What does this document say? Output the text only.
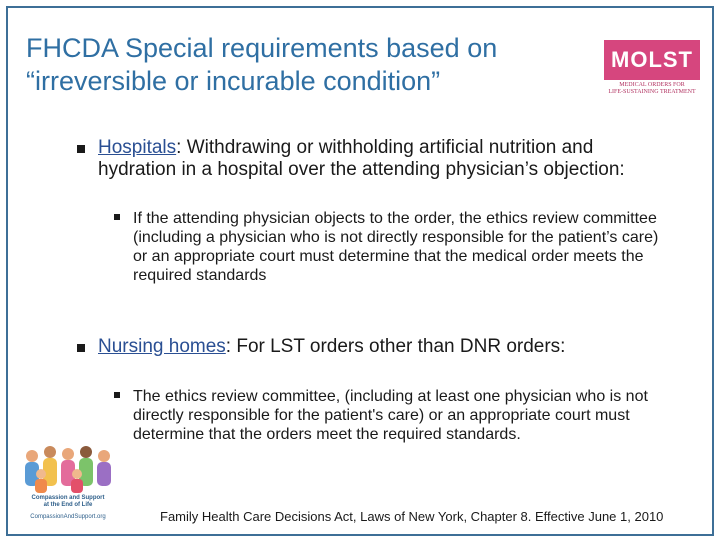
FHCDA Special requirements based on
“irreversible or incurable condition”
MOLST
MEDICAL ORDERS FOR
LIFE-SUSTAINING TREATMENT
Hospitals: Withdrawing or withholding artificial nutrition and hydration in a hospital over the attending physician’s objection:
If the attending physician objects to the order, the ethics review committee (including a physician who is not directly responsible for the patient’s care) or an appropriate court must determine that the medical order meets the required standards
Nursing homes: For LST orders other than DNR orders:
The ethics review committee, (including at least one physician who is not directly responsible for the patient's care) or an appropriate court must determine that the orders meet the required standards.
Compassion and Support
at the End of Life
CompassionAndSupport.org	Family Health Care Decisions Act, Laws of New York, Chapter 8. Effective June 1, 2010
